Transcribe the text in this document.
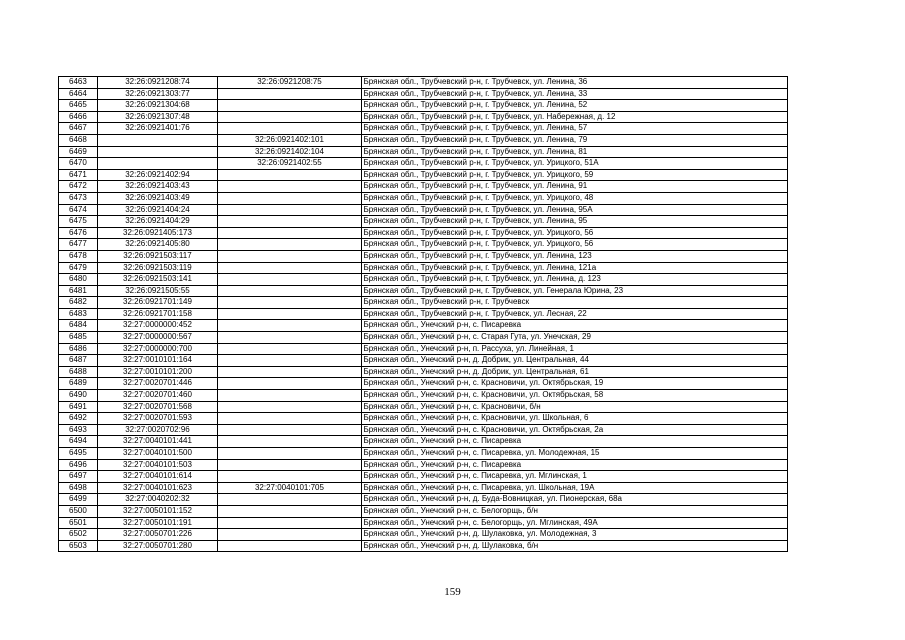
6463	32:26:0921208:74	32:26:0921208:75	Брянская обл., Трубчевский р-н, г. Трубчевск, ул. Ленина, 36
6464	32:26:0921303:77		Брянская обл., Трубчевский р-н, г. Трубчевск, ул. Ленина, 33
6465	32:26:0921304:68		Брянская обл., Трубчевский р-н, г. Трубчевск, ул. Ленина, 52
6466	32:26:0921307:48		Брянская обл., Трубчевский р-н, г. Трубчевск, ул. Набережная, д. 12
6467	32:26:0921401:76		Брянская обл., Трубчевский р-н, г. Трубчевск, ул. Ленина, 57
6468		32:26:0921402:101	Брянская обл., Трубчевский р-н, г. Трубчевск, ул. Ленина, 79
6469		32:26:0921402:104	Брянская обл., Трубчевский р-н, г. Трубчевск, ул. Ленина, 81
6470		32:26:0921402:55	Брянская обл., Трубчевский р-н, г. Трубчевск, ул. Урицкого, 51А
6471	32:26:0921402:94		Брянская обл., Трубчевский р-н, г. Трубчевск, ул. Урицкого, 59
6472	32:26:0921403:43		Брянская обл., Трубчевский р-н, г. Трубчевск, ул. Ленина, 91
6473	32:26:0921403:49		Брянская обл., Трубчевский р-н, г. Трубчевск, ул. Урицкого, 48
6474	32:26:0921404:24		Брянская обл., Трубчевский р-н, г. Трубчевск, ул. Ленина, 95А
6475	32:26:0921404:29		Брянская обл., Трубчевский р-н, г. Трубчевск, ул. Ленина, 95
6476	32:26:0921405:173		Брянская обл., Трубчевский р-н, г. Трубчевск, ул. Урицкого, 56
6477	32:26:0921405:80		Брянская обл., Трубчевский р-н, г. Трубчевск, ул. Урицкого, 56
6478	32:26:0921503:117		Брянская обл., Трубчевский р-н, г. Трубчевск, ул. Ленина, 123
6479	32:26:0921503:119		Брянская обл., Трубчевский р-н, г. Трубчевск, ул. Ленина, 121а
6480	32:26:0921503:141		Брянская обл., Трубчевский р-н, г. Трубчевск, ул. Ленина, д. 123
6481	32:26:0921505:55		Брянская обл., Трубчевский р-н, г. Трубчевск, ул. Генерала Юрина, 23
6482	32:26:0921701:149		Брянская обл., Трубчевский р-н, г. Трубчевск
6483	32:26:0921701:158		Брянская обл., Трубчевский р-н, г. Трубчевск, ул. Лесная, 22
6484	32:27:0000000:452		Брянская обл., Унечский р-н, с. Писаревка
6485	32:27:0000000:567		Брянская обл., Унечский р-н, с. Старая Гута, ул. Унечская, 29
6486	32:27:0000000:700		Брянская обл., Унечский р-н, п. Рассуха, ул. Линейная, 1
6487	32:27:0010101:164		Брянская обл., Унечский р-н, д. Добрик, ул. Центральная, 44
6488	32:27:0010101:200		Брянская обл., Унечский р-н, д. Добрик, ул. Центральная, 61
6489	32:27:0020701:446		Брянская обл., Унечский р-н, с. Красновичи, ул. Октябрьская, 19
6490	32:27:0020701:460		Брянская обл., Унечский р-н, с. Красновичи, ул. Октябрьская, 58
6491	32:27:0020701:568		Брянская обл., Унечский р-н, с. Красновичи, б/н
6492	32:27:0020701:593		Брянская обл., Унечский р-н, с. Красновичи, ул. Школьная, 6
6493	32:27:0020702:96		Брянская обл., Унечский р-н, с. Красновичи, ул. Октябрьская, 2а
6494	32:27:0040101:441		Брянская обл., Унечский р-н, с. Писаревка
6495	32:27:0040101:500		Брянская обл., Унечский р-н, с. Писаревка, ул. Молодежная, 15
6496	32:27:0040101:503		Брянская обл., Унечский р-н, с. Писаревка
6497	32:27:0040101:614		Брянская обл., Унечский р-н, с. Писаревка, ул. Мглинская, 1
6498	32:27:0040101:623	32:27:0040101:705	Брянская обл., Унечский р-н, с. Писаревка, ул. Школьная, 19А
6499	32:27:0040202:32		Брянская обл., Унечский р-н, д. Буда-Вовницкая, ул. Пионерская, 68а
6500	32:27:0050101:152		Брянская обл., Унечский р-н, с. Белогорщь, б/н
6501	32:27:0050101:191		Брянская обл., Унечский р-н, с. Белогорщь, ул. Мглинская, 49А
6502	32:27:0050701:226		Брянская обл., Унечский р-н, д. Шулаковка, ул. Молодежная, 3
6503	32:27:0050701:280		Брянская обл., Унечский р-н, д. Шулаковка, б/н
159
